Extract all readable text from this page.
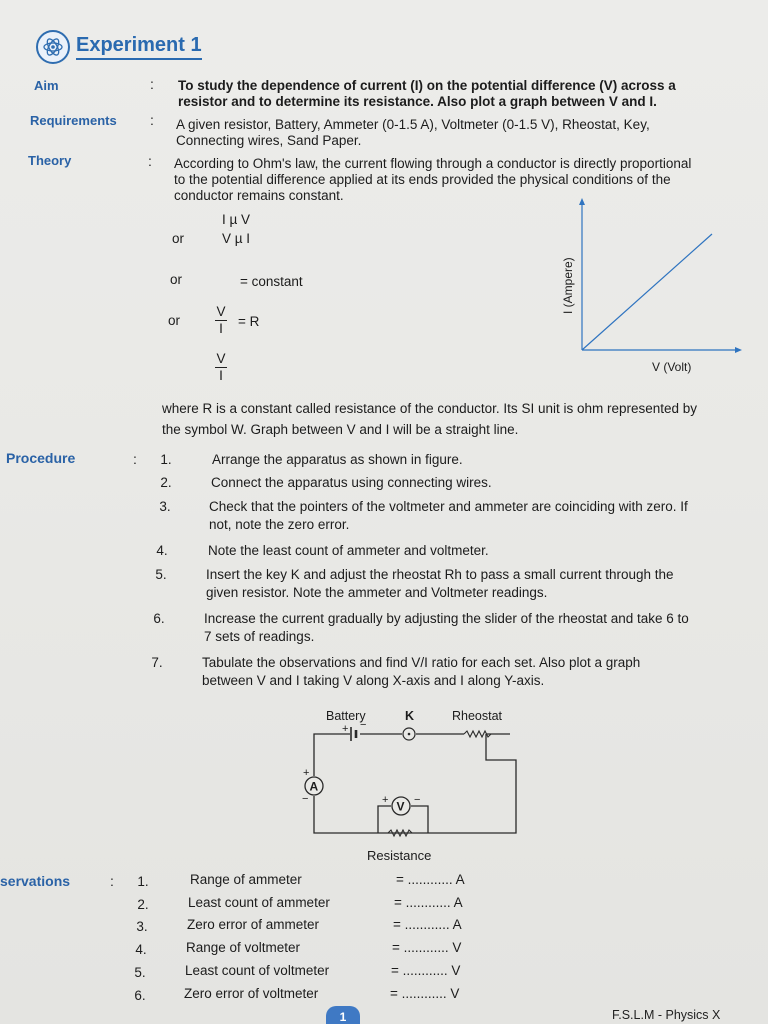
Experiment 1
Aim	: To study the dependence of current (I) on the potential difference (V) across a
resistor and to determine its resistance. Also plot a graph between V and I.
Requirements : A given resistor, Battery, Ammeter (0-1.5 A), Voltmeter (0-1.5 V), Rheostat, Key,
Connecting wires, Sand Paper.
Theory	: According to Ohm's law, the current flowing through a conductor is directly proportional
to the potential difference applied at its ends provided the physical conditions of the
conductor remains constant.
I µ V
or	V µ I
or	= constant
or
V
I = R
V
I
I (Ampere)
V (Volt)
where R is a constant called resistance of the conductor. Its SI unit is ohm represented by
the symbol W. Graph between V and I will be a straight line.
Procedure	:	1.	Arrange the apparatus as shown in figure.
2.	Connect the apparatus using connecting wires.
3.	Check that the pointers of the voltmeter and ammeter are coinciding with zero. If
not, note the zero error.
4.	Note the least count of ammeter and voltmeter.
5.	Insert the key K and adjust the rheostat Rh to pass a small current through the
given resistor. Note the ammeter and Voltmeter readings.
6.	Increase the current gradually by adjusting the slider of the rheostat and take 6 to
7 sets of readings.
7.	Tabulate the observations and find V/I ratio for each set. Also plot a graph
between V and I taking V along X-axis and I along Y-axis.
Battery	K	Rheostat
Resistance
+ −
A
+
−
V
+ −
servations	:	1.	Range of ammeter	= ............ A
2.	Least count of ammeter	= ............ A
3.	Zero error of ammeter	= ............ A
4.	Range of voltmeter	= ............ V
5.	Least count of voltmeter	= ............ V
6.	Zero error of voltmeter	= ............ V
1	F.S.L.M - Physics X
